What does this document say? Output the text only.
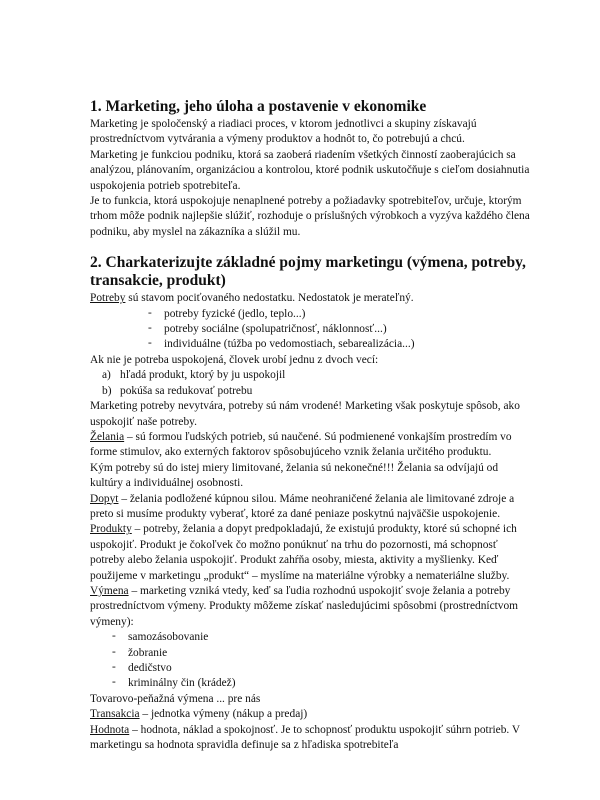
1. Marketing, jeho úloha a postavenie v ekonomike

Marketing je spoločenský a riadiaci proces, v ktorom jednotlivci a skupiny získavajú prostredníctvom vytvárania a výmeny produktov a hodnôt to, čo potrebujú a chcú.

Marketing je funkciou podniku, ktorá sa zaoberá riadením všetkých činností zaoberajúcich sa analýzou, plánovaním, organizáciou a kontrolou, ktoré podnik uskutočňuje s cieľom dosiahnutia uspokojenia potrieb spotrebiteľa.

Je to funkcia, ktorá uspokojuje nenaplnené potreby a požiadavky spotrebiteľov, určuje, ktorým trhom môže podnik najlepšie slúžiť, rozhoduje o príslušných výrobkoch a vyzýva každého člena podniku, aby myslel na zákazníka a slúžil mu.

2. Charkaterizujte základné pojmy marketingu (výmena, potreby, transakcie, produkt)

Potreby sú stavom pociťovaného nedostatku. Nedostatok je merateľný.

- potreby fyzické (jedlo, teplo...)
- potreby sociálne (spolupatričnosť, náklonnosť...)
- individuálne (túžba po vedomostiach, sebarealizácia...)

Ak nie je potreba uspokojená, človek urobí jednu z dvoch vecí:

a) hľadá produkt, ktorý by ju uspokojil
b) pokúša sa redukovať potrebu

Marketing potreby nevytvára, potreby sú nám vrodené! Marketing však poskytuje spôsob, ako uspokojiť naše potreby.

Želania – sú formou ľudských potrieb, sú naučené. Sú podmienené vonkajším prostredím vo forme stimulov, ako externých faktorov spôsobujúceho vznik želania určitého produktu.

Kým potreby sú do istej miery limitované, želania sú nekonečné!!! Želania sa odvíjajú od kultúry a individuálnej osobnosti.

Dopyt – želania podložené kúpnou silou. Máme neohraničené želania ale limitované zdroje a preto si musíme produkty vyberať, ktoré za dané peniaze poskytnú najväčšie uspokojenie.

Produkty – potreby, želania a dopyt predpokladajú, že existujú produkty, ktoré sú schopné ich uspokojiť. Produkt je čokoľvek čo možno ponúknuť na trhu do pozornosti, má schopnosť potreby alebo želania uspokojiť. Produkt zahŕňa osoby, miesta, aktivity a myšlienky. Keď použijeme v marketingu „produkt“ – myslíme na materiálne výrobky a nemateriálne služby.

Výmena – marketing vzniká vtedy, keď sa ľudia rozhodnú uspokojiť svoje želania a potreby prostredníctvom výmeny. Produkty môžeme získať nasledujúcimi spôsobmi (prostredníctvom výmeny):

- samozásobovanie
- žobranie
- dedičstvo
- kriminálny čin (krádež)

Tovarovo-peňažná výmena ... pre nás

Transakcia – jednotka výmeny (nákup a predaj)

Hodnota – hodnota, náklad a spokojnosť. Je to schopnosť produktu uspokojiť súhrn potrieb. V marketingu sa hodnota spravidla definuje sa z hľadiska spotrebiteľa
